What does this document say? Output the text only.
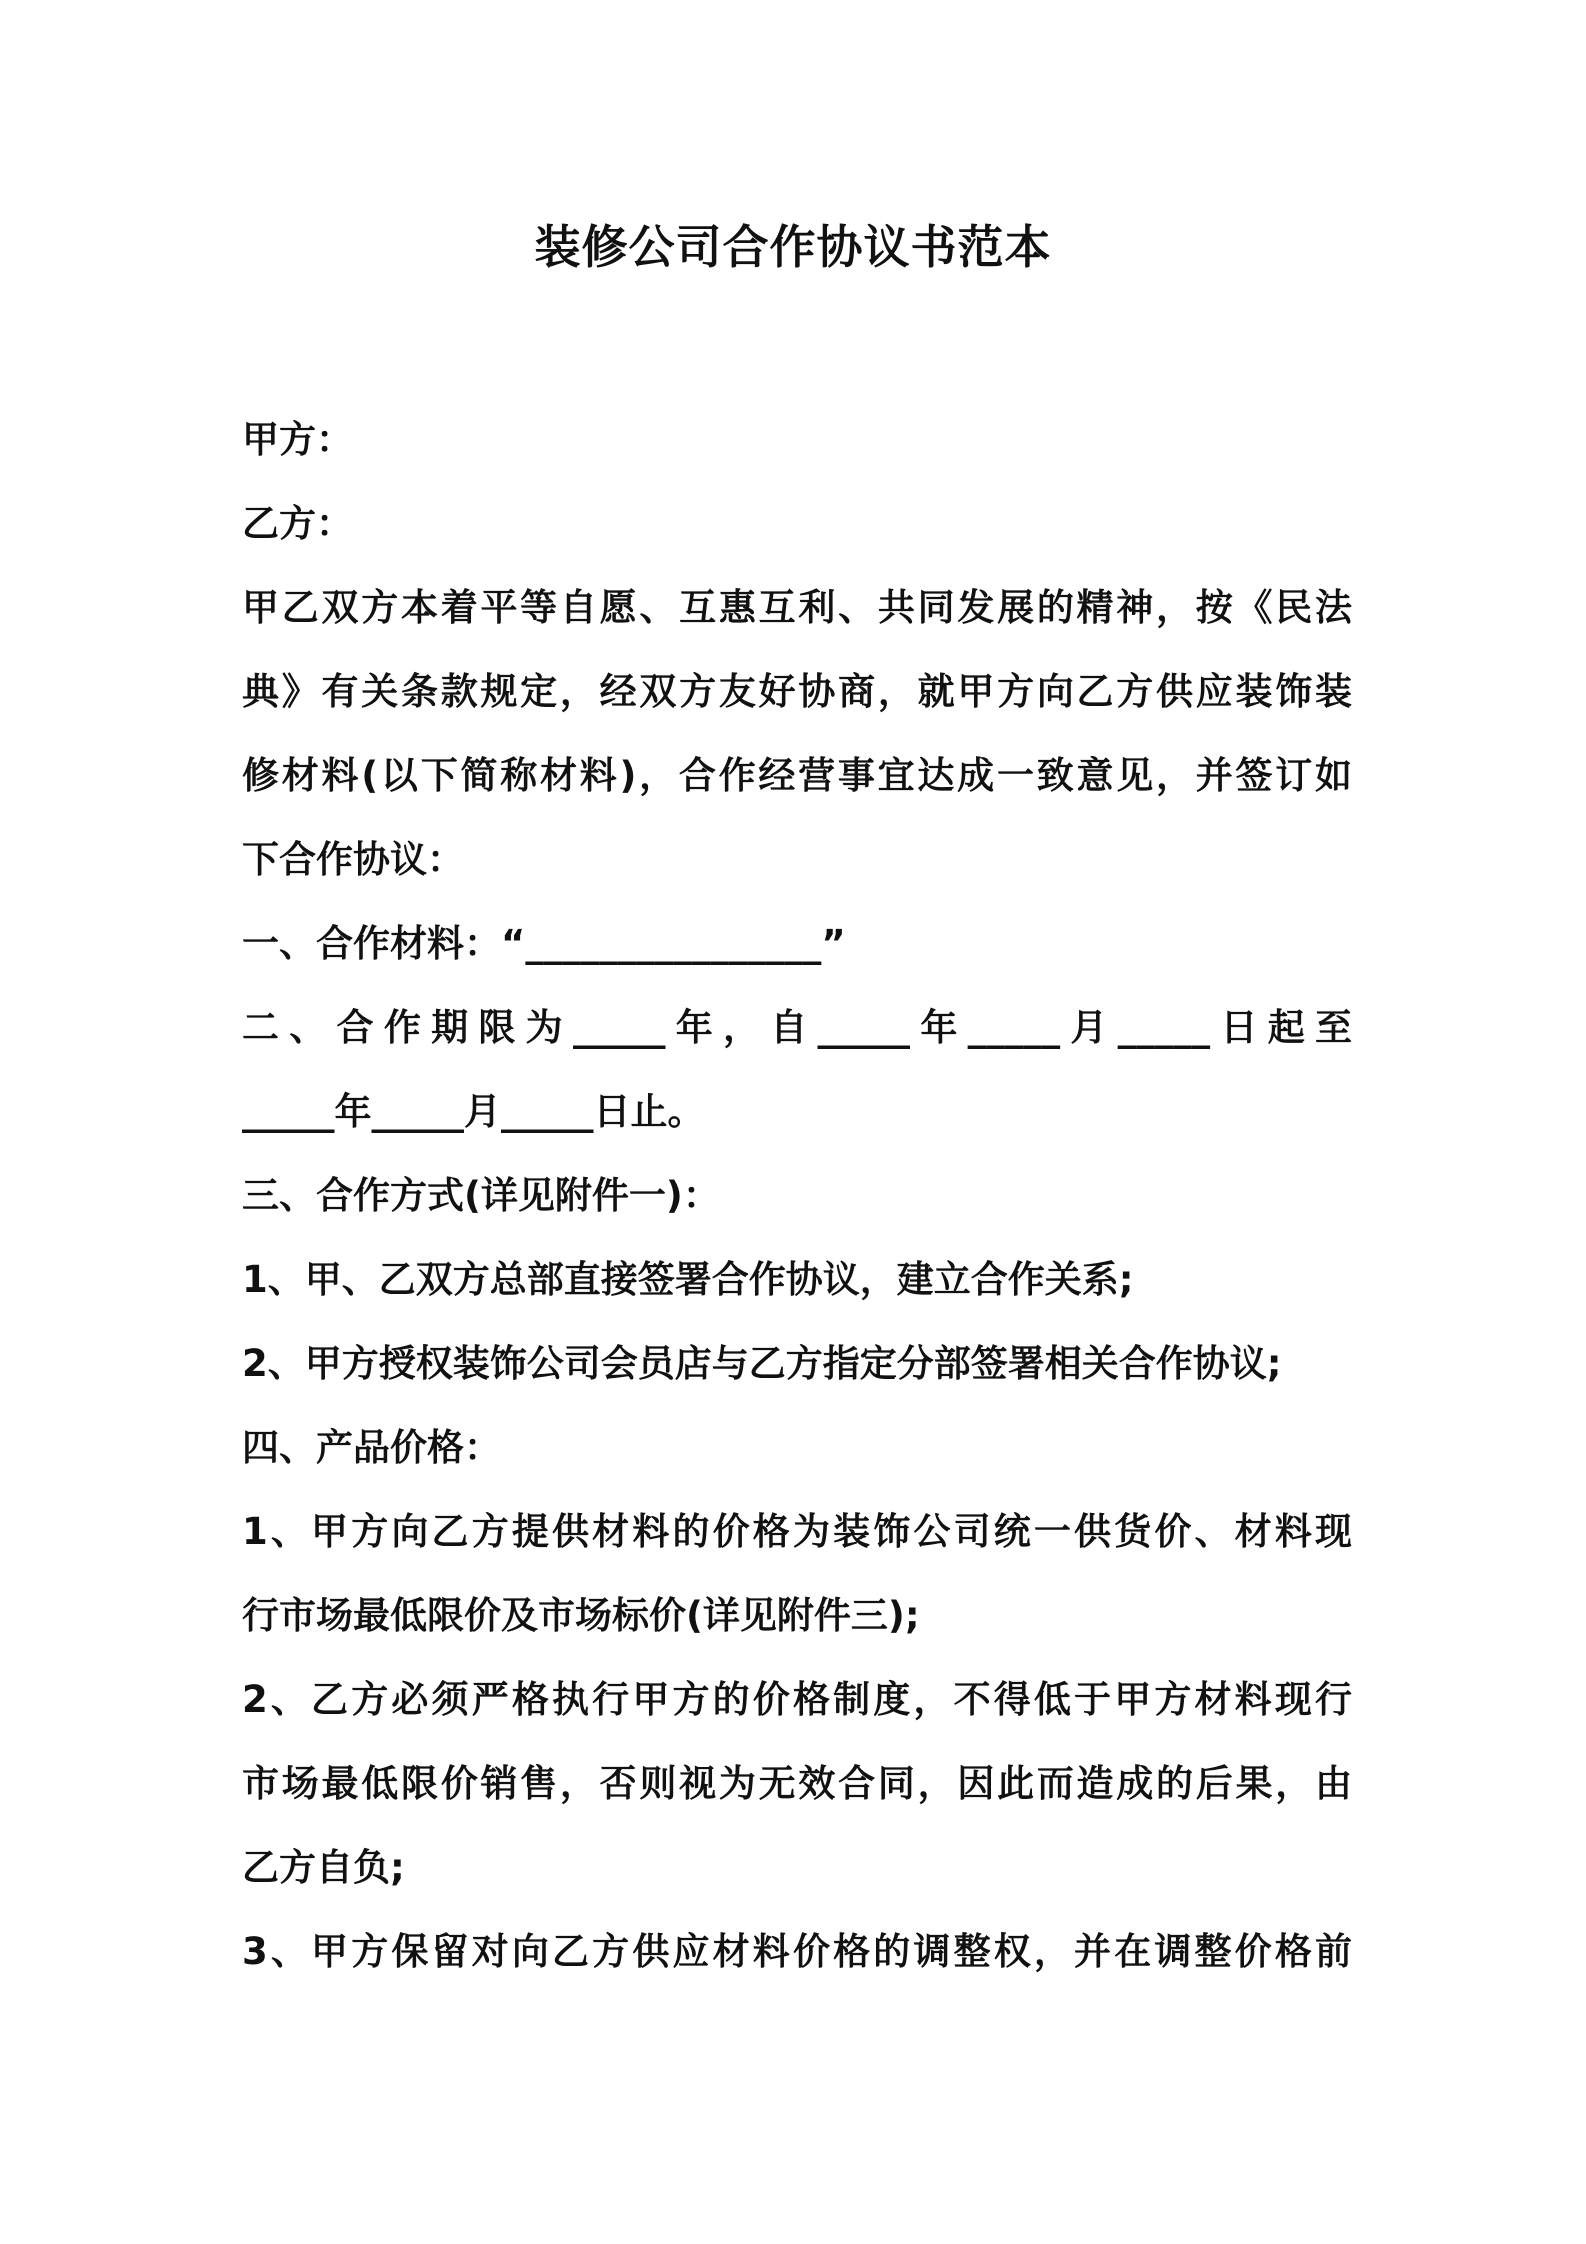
装修公司合作协议书范本
甲方：
乙方：
甲乙双方本着平等自愿、互惠互利、共同发展的精神，按《民法
典》有关条款规定，经双方友好协商，就甲方向乙方供应装饰装
修材料(以下简称材料)，合作经营事宜达成一致意见，并签订如
下合作协议：
一、合作材料：“________________”
二、合作期限为_____年，自_____年_____月_____日起至
_____年_____月_____日止。
三、合作方式(详见附件一)：
1、甲、乙双方总部直接签署合作协议，建立合作关系;
2、甲方授权装饰公司会员店与乙方指定分部签署相关合作协议;
四、产品价格：
1、甲方向乙方提供材料的价格为装饰公司统一供货价、材料现
行市场最低限价及市场标价(详见附件三);
2、乙方必须严格执行甲方的价格制度，不得低于甲方材料现行
市场最低限价销售，否则视为无效合同，因此而造成的后果，由
乙方自负;
3、甲方保留对向乙方供应材料价格的调整权，并在调整价格前
